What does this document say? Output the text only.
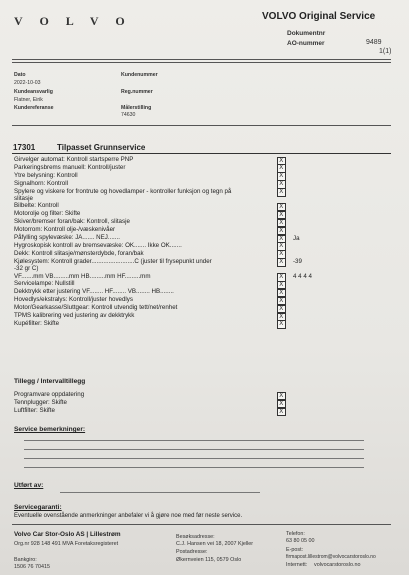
V O L V O	VOLVO Original Service
Dokumentnr
AO-nummer	9489
1(1)
Dato
2022-10-03
Kundenummer
Kundeansvarlig
Flatner, Eirik
Reg.nummer
Kundereferanse	Målerstilling
74630
17301	Tilpasset Grunnservice
Tillegg / Intervalltillegg
Service bemerkninger:
Utført av:
Servicegaranti:
Eventuelle ovenstående anmerkninger anbefaler vi å gjøre noe med før neste service.
Volvo Car Stor-Oslo AS | Lillestrøm
Org.nr 928 148 491 MVA Foretaksregisteret
Bankgiro:
1506 76 70415
Besøksadresse:
C.J. Hansen vei 18, 2007 Kjeller
Postadresse:
Økernveien 115, 0579 Oslo
Telefon:
63 80 05 00
E-post:
firmapost.lillestrom@volvocarstoroslo.no
Internett: volvocarstoroslo.no
Girvelger automat: Kontroll startsperre PNP	X
Parkeringsbrems manuell: Kontroll/juster	X
Ytre belysning: Kontroll	X
Signalhorn: Kontroll	X
Spylere og viskere for frontrute og hovedlamper - kontroller funksjon og tegn på	X
slitasje
Bilbelte: Kontroll	X
Motorolje og filter: Skifte	X
Skiver/bremser foran/bak: Kontroll, slitasje	X
Motorrom: Kontroll olje-/væskenivåer	X
Påfylling spylevæske: JA....... NEJ.......	X	Ja
Hygroskopisk kontroll av bremsevæske: OK....... Ikke OK.......	X
Dekk: Kontroll slitasje/mønsterdybde, foran/bak	X
Kjølesystem: Kontroll grader.........................C (juster til frysepunkt under	X	-39
-32 gr C)
VF.......mm VB.........mm HB.........mm HF.........mm	X	4 4 4 4
Servicelampe: Nullstill	X
Dekktrykk etter justering VF........ HF........ VB........ HB........	X
Hovedlys/ekstralys: Kontroll/juster hovedlys	X
Motor/Gearkasse/Sluttgear: Kontroll utvendig tett/net/renhet	X
TPMS kalibrering ved justering av dekktrykk	X
Kupéfilter: Skifte	X
Programvare oppdatering	X
Tennplugger: Skifte	X
Luftfilter: Skifte	X
